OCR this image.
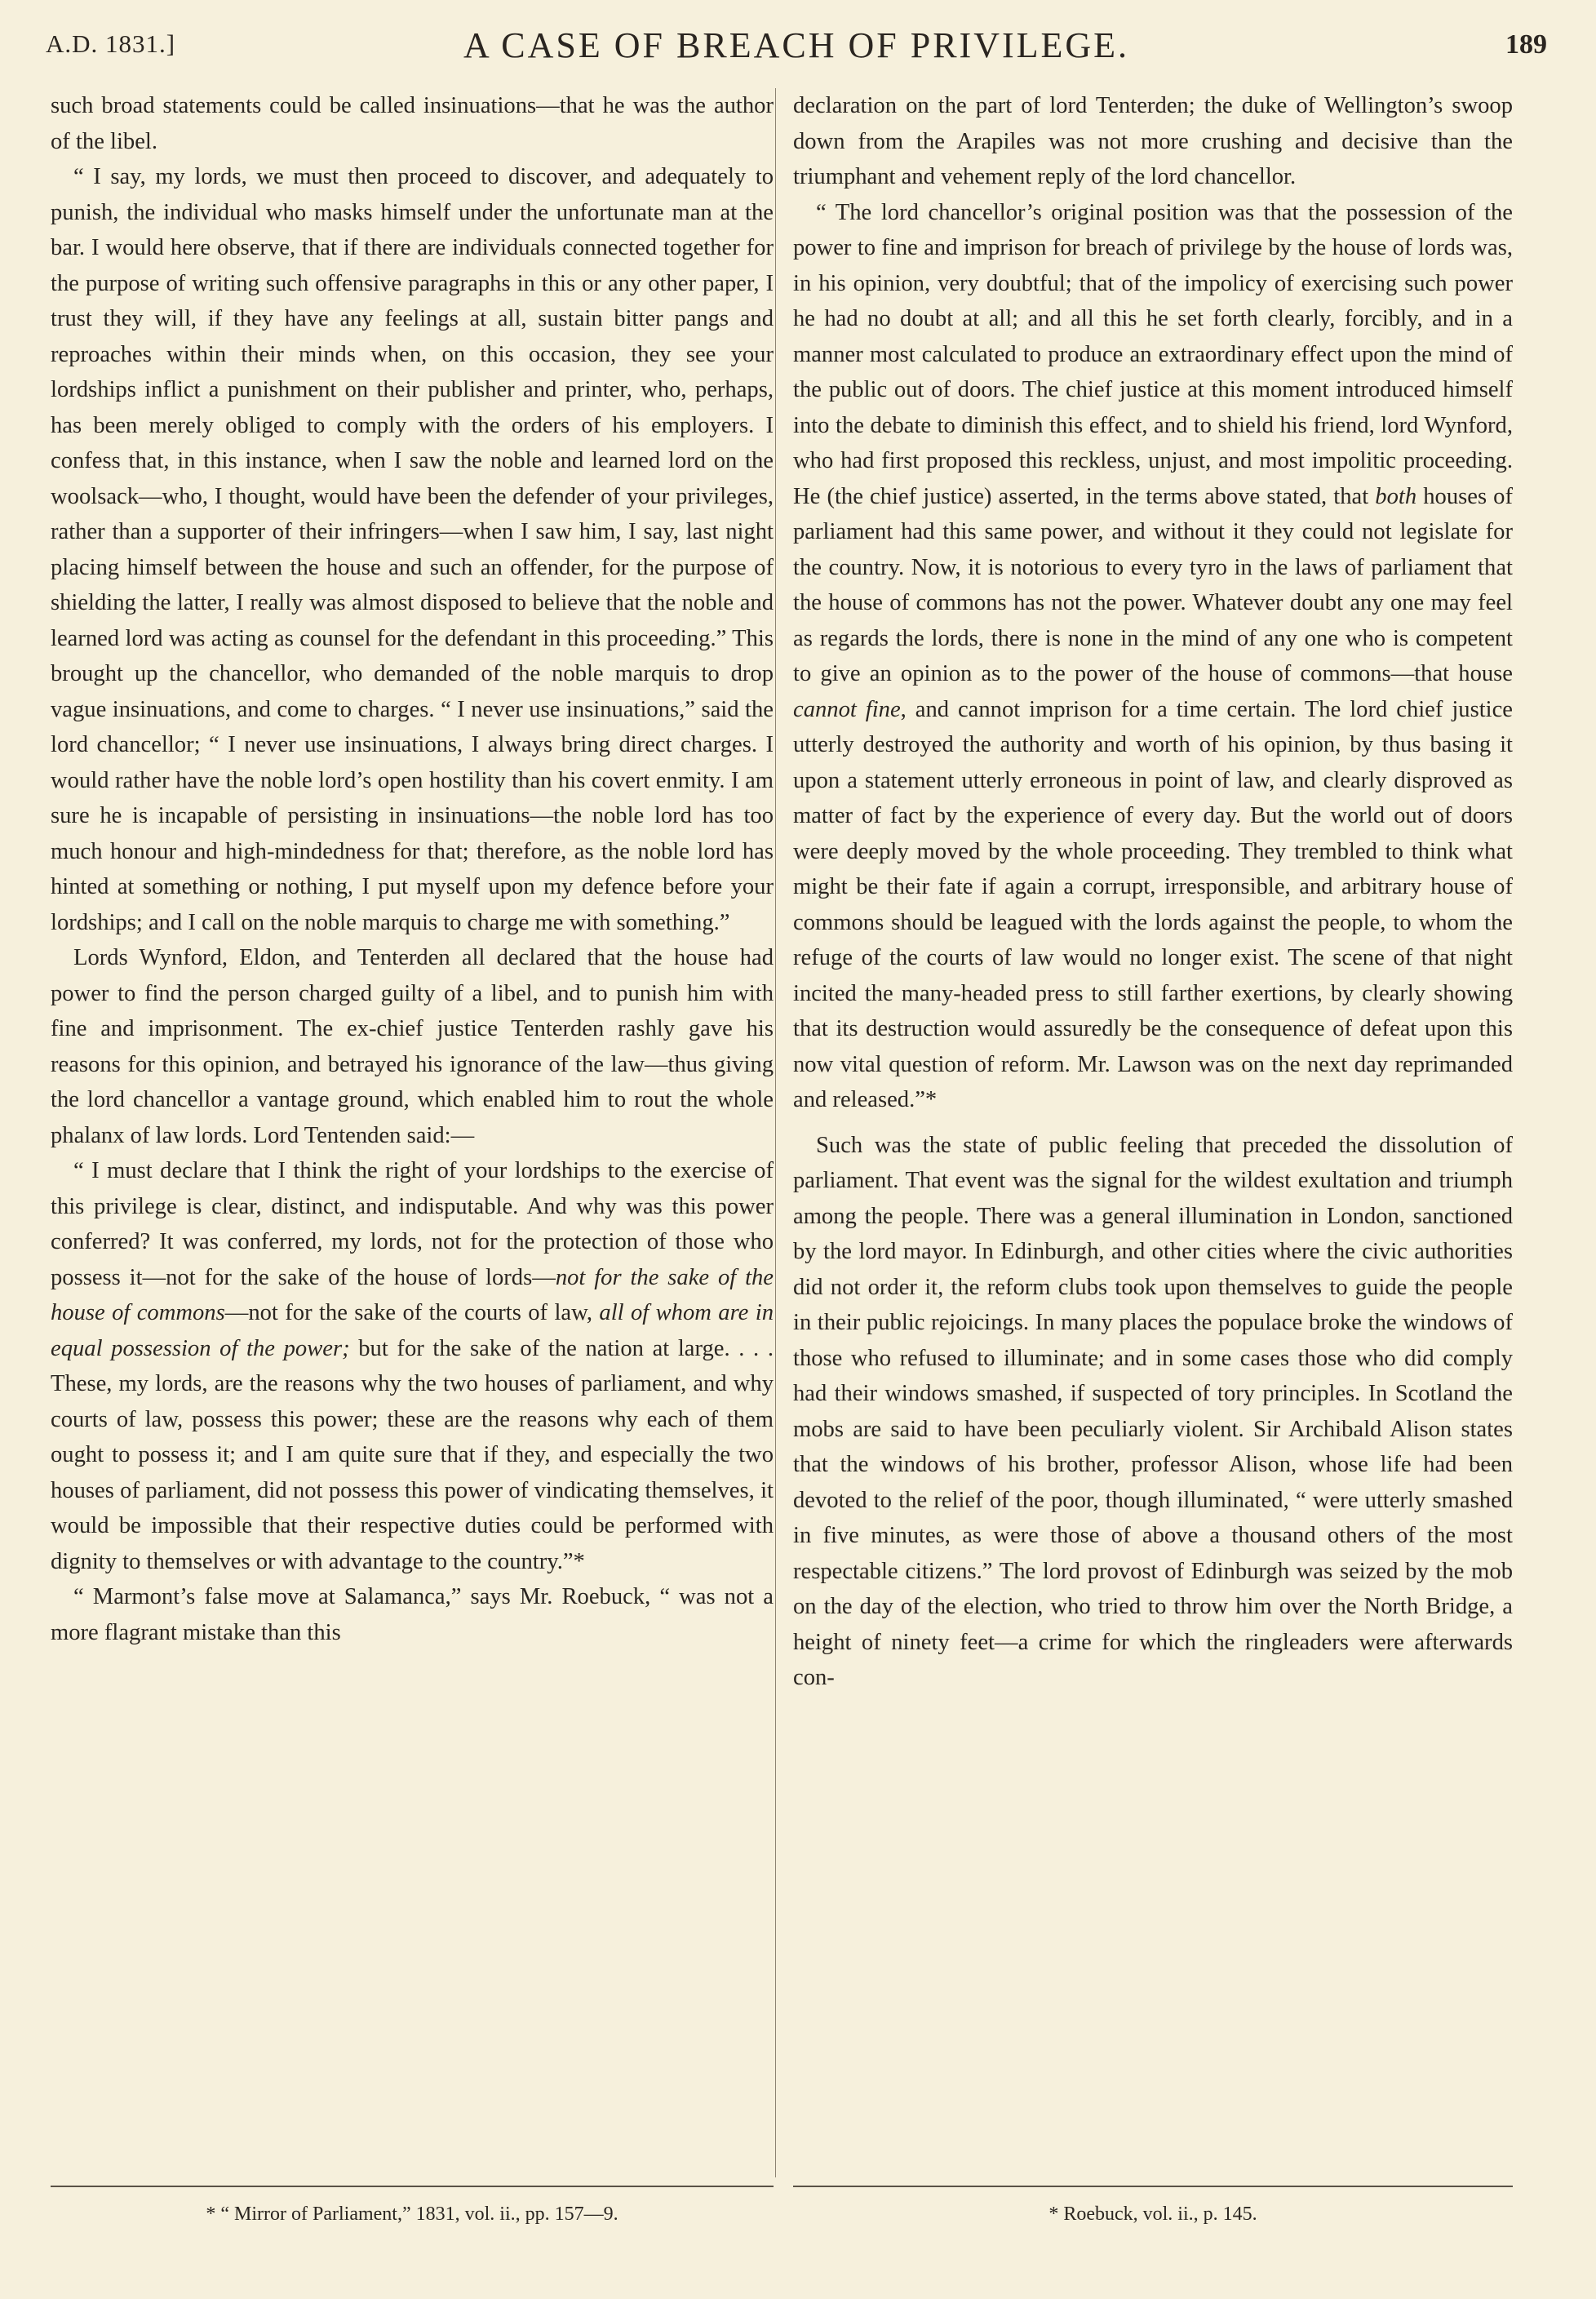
A.D. 1831.]	A CASE OF BREACH OF PRIVILEGE.	189

such broad statements could be called insinuations—that he was the author of the libel.

“ I say, my lords, we must then proceed to discover, and adequately to punish, the individual who masks himself under the unfortunate man at the bar. I would here observe, that if there are individuals connected together for the purpose of writing such offensive paragraphs in this or any other paper, I trust they will, if they have any feelings at all, sustain bitter pangs and reproaches within their minds when, on this occasion, they see your lordships inflict a punishment on their publisher and printer, who, perhaps, has been merely obliged to comply with the orders of his employers. I confess that, in this instance, when I saw the noble and learned lord on the woolsack—who, I thought, would have been the defender of your privileges, rather than a supporter of their infringers—when I saw him, I say, last night placing himself between the house and such an offender, for the purpose of shielding the latter, I really was almost disposed to believe that the noble and learned lord was acting as counsel for the defendant in this proceeding.” This brought up the chancellor, who demanded of the noble marquis to drop vague insinuations, and come to charges. “ I never use insinuations,” said the lord chancellor; “ I never use insinuations, I always bring direct charges. I would rather have the noble lord’s open hostility than his covert enmity. I am sure he is incapable of persisting in insinuations—the noble lord has too much honour and high-mindedness for that; therefore, as the noble lord has hinted at something or nothing, I put myself upon my defence before your lordships; and I call on the noble marquis to charge me with something.”

Lords Wynford, Eldon, and Tenterden all declared that the house had power to find the person charged guilty of a libel, and to punish him with fine and imprisonment. The ex-chief justice Tenterden rashly gave his reasons for this opinion, and betrayed his ignorance of the law—thus giving the lord chancellor a vantage ground, which enabled him to rout the whole phalanx of law lords. Lord Tentenden said:—

“ I must declare that I think the right of your lordships to the exercise of this privilege is clear, distinct, and indisputable. And why was this power conferred? It was conferred, my lords, not for the protection of those who possess it—not for the sake of the house of lords—not for the sake of the house of commons—not for the sake of the courts of law, all of whom are in equal possession of the power; but for the sake of the nation at large. . . . These, my lords, are the reasons why the two houses of parliament, and why courts of law, possess this power; these are the reasons why each of them ought to possess it; and I am quite sure that if they, and especially the two houses of parliament, did not possess this power of vindicating themselves, it would be impossible that their respective duties could be performed with dignity to themselves or with advantage to the country.”*

“ Marmont’s false move at Salamanca,” says Mr. Roebuck, “ was not a more flagrant mistake than this

declaration on the part of lord Tenterden; the duke of Wellington’s swoop down from the Arapiles was not more crushing and decisive than the triumphant and vehement reply of the lord chancellor.

“ The lord chancellor’s original position was that the possession of the power to fine and imprison for breach of privilege by the house of lords was, in his opinion, very doubtful; that of the impolicy of exercising such power he had no doubt at all; and all this he set forth clearly, forcibly, and in a manner most calculated to produce an extraordinary effect upon the mind of the public out of doors. The chief justice at this moment introduced himself into the debate to diminish this effect, and to shield his friend, lord Wynford, who had first proposed this reckless, unjust, and most impolitic proceeding. He (the chief justice) asserted, in the terms above stated, that both houses of parliament had this same power, and without it they could not legislate for the country. Now, it is notorious to every tyro in the laws of parliament that the house of commons has not the power. Whatever doubt any one may feel as regards the lords, there is none in the mind of any one who is competent to give an opinion as to the power of the house of commons—that house cannot fine, and cannot imprison for a time certain. The lord chief justice utterly destroyed the authority and worth of his opinion, by thus basing it upon a statement utterly erroneous in point of law, and clearly disproved as matter of fact by the experience of every day. But the world out of doors were deeply moved by the whole proceeding. They trembled to think what might be their fate if again a corrupt, irresponsible, and arbitrary house of commons should be leagued with the lords against the people, to whom the refuge of the courts of law would no longer exist. The scene of that night incited the many-headed press to still farther exertions, by clearly showing that its destruction would assuredly be the consequence of defeat upon this now vital question of reform. Mr. Lawson was on the next day reprimanded and released.”*

Such was the state of public feeling that preceded the dissolution of parliament. That event was the signal for the wildest exultation and triumph among the people. There was a general illumination in London, sanctioned by the lord mayor. In Edinburgh, and other cities where the civic authorities did not order it, the reform clubs took upon themselves to guide the people in their public rejoicings. In many places the populace broke the windows of those who refused to illuminate; and in some cases those who did comply had their windows smashed, if suspected of tory principles. In Scotland the mobs are said to have been peculiarly violent. Sir Archibald Alison states that the windows of his brother, professor Alison, whose life had been devoted to the relief of the poor, though illuminated, “ were utterly smashed in five minutes, as were those of above a thousand others of the most respectable citizens.” The lord provost of Edinburgh was seized by the mob on the day of the election, who tried to throw him over the North Bridge, a height of ninety feet—a crime for which the ringleaders were afterwards con-

* “ Mirror of Parliament,” 1831, vol. ii., pp. 157—9.	* Roebuck, vol. ii., p. 145.
